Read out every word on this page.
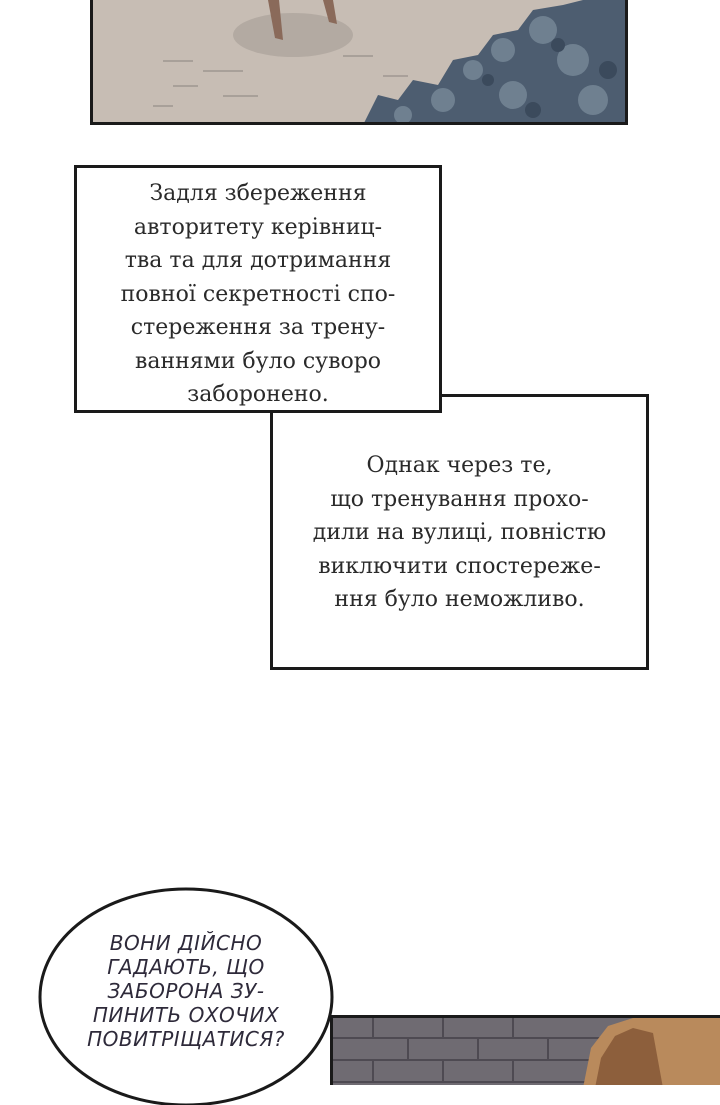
Задля збереження
авторитету керівниц-
тва та для дотримання
повної секретності спо-
стереження за трену-
ваннями було суворо
заборонено.
Однак через те,
що тренування прохо-
дили на вулиці, повністю
виключити спостереже-
ння було неможливо.
ВОНИ ДІЙСНО
ГАДАЮТЬ, ЩО
ЗАБОРОНА ЗУ-
ПИНИТЬ ОХОЧИХ
ПОВИТРІЩАТИСЯ?
